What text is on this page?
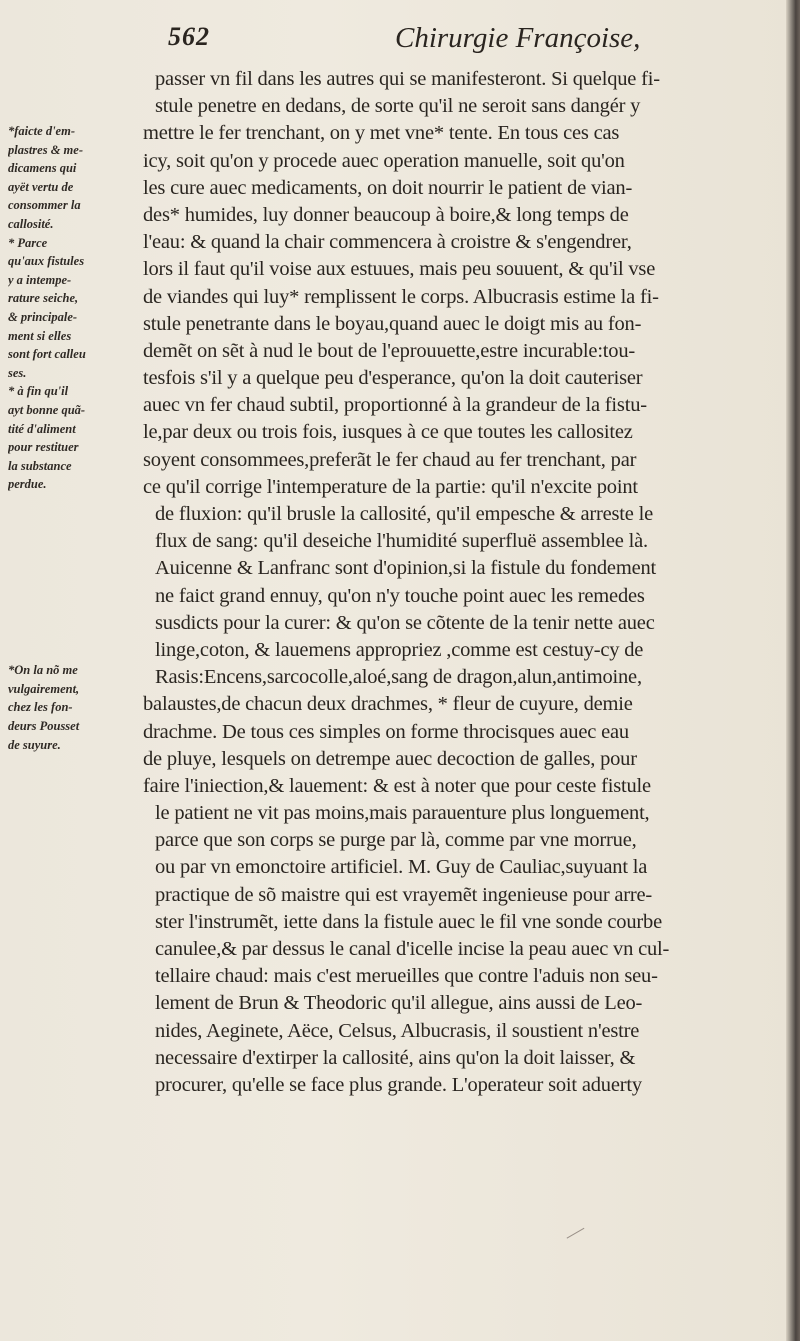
562	Chirurgie Françoise,
*faicte d'em-
plastres & me-
dicamens qui
ayët vertu de
consommer la
callosité.
* Parce
qu'aux fistules
y a intempe-
rature seiche,
& principale-
ment si elles
sont fort calleu
ses.
* à fin qu'il
ayt bonne quã-
tité d'aliment
pour restituer
la substance
perdue.

*On la nõ me
vulgairement,
chez les fon-
deurs Pousset
de suyure.
passer vn fil dans les autres qui se manifesteront. Si quelque fi-
stule penetre en dedans, de sorte qu'il ne seroit sans dangér y
mettre le fer trenchant, on y met vne* tente. En tous ces cas
icy, soit qu'on y procede auec operation manuelle, soit qu'on
les cure auec medicaments, on doit nourrir le patient de vian-
des* humides, luy donner beaucoup à boire,& long temps de
l'eau: & quand la chair commencera à croistre & s'engendrer,
lors il faut qu'il voise aux estuues, mais peu souuent, & qu'il vse
de viandes qui luy* remplissent le corps. Albucrasis estime la fi-
stule penetrante dans le boyau,quand auec le doigt mis au fon-
demẽt on sẽt à nud le bout de l'eprouuette,estre incurable:tou-
tesfois s'il y a quelque peu d'esperance, qu'on la doit cauteriser
auec vn fer chaud subtil, proportionné à la grandeur de la fistu-
le,par deux ou trois fois, iusques à ce que toutes les callositez
soyent consommees,preferãt le fer chaud au fer trenchant, par
ce qu'il corrige l'intemperature de la partie: qu'il n'excite point
de fluxion: qu'il brusle la callosité, qu'il empesche & arreste le
flux de sang: qu'il deseiche l'humidité superfluë assemblee là.
Auicenne & Lanfranc sont d'opinion,si la fistule du fondement
ne faict grand ennuy, qu'on n'y touche point auec les remedes
susdicts pour la curer: & qu'on se cõtente de la tenir nette auec
linge,coton, & lauemens appropriez ,comme est cestuy-cy de
Rasis:Encens,sarcocolle,aloé,sang de dragon,alun,antimoine,
balaustes,de chacun deux drachmes, * fleur de cuyure, demie
drachme. De tous ces simples on forme throcisques auec eau
de pluye, lesquels on detrempe auec decoction de galles, pour
faire l'iniection,& lauement: & est à noter que pour ceste fistule
le patient ne vit pas moins,mais parauenture plus longuement,
parce que son corps se purge par là, comme par vne morrue,
ou par vn emonctoire artificiel. M. Guy de Cauliac,suyuant la
practique de sõ maistre qui est vrayemẽt ingenieuse pour arre-
ster l'instrumẽt, iette dans la fistule auec le fil vne sonde courbe
canulee,& par dessus le canal d'icelle incise la peau auec vn cul-
tellaire chaud: mais c'est merueilles que contre l'aduis non seu-
lement de Brun & Theodoric qu'il allegue, ains aussi de Leo-
nides, Aeginete, Aëce, Celsus, Albucrasis, il soustient n'estre
necessaire d'extirper la callosité, ains qu'on la doit laisser, &
procurer, qu'elle se face plus grande. L'operateur soit aduerty
